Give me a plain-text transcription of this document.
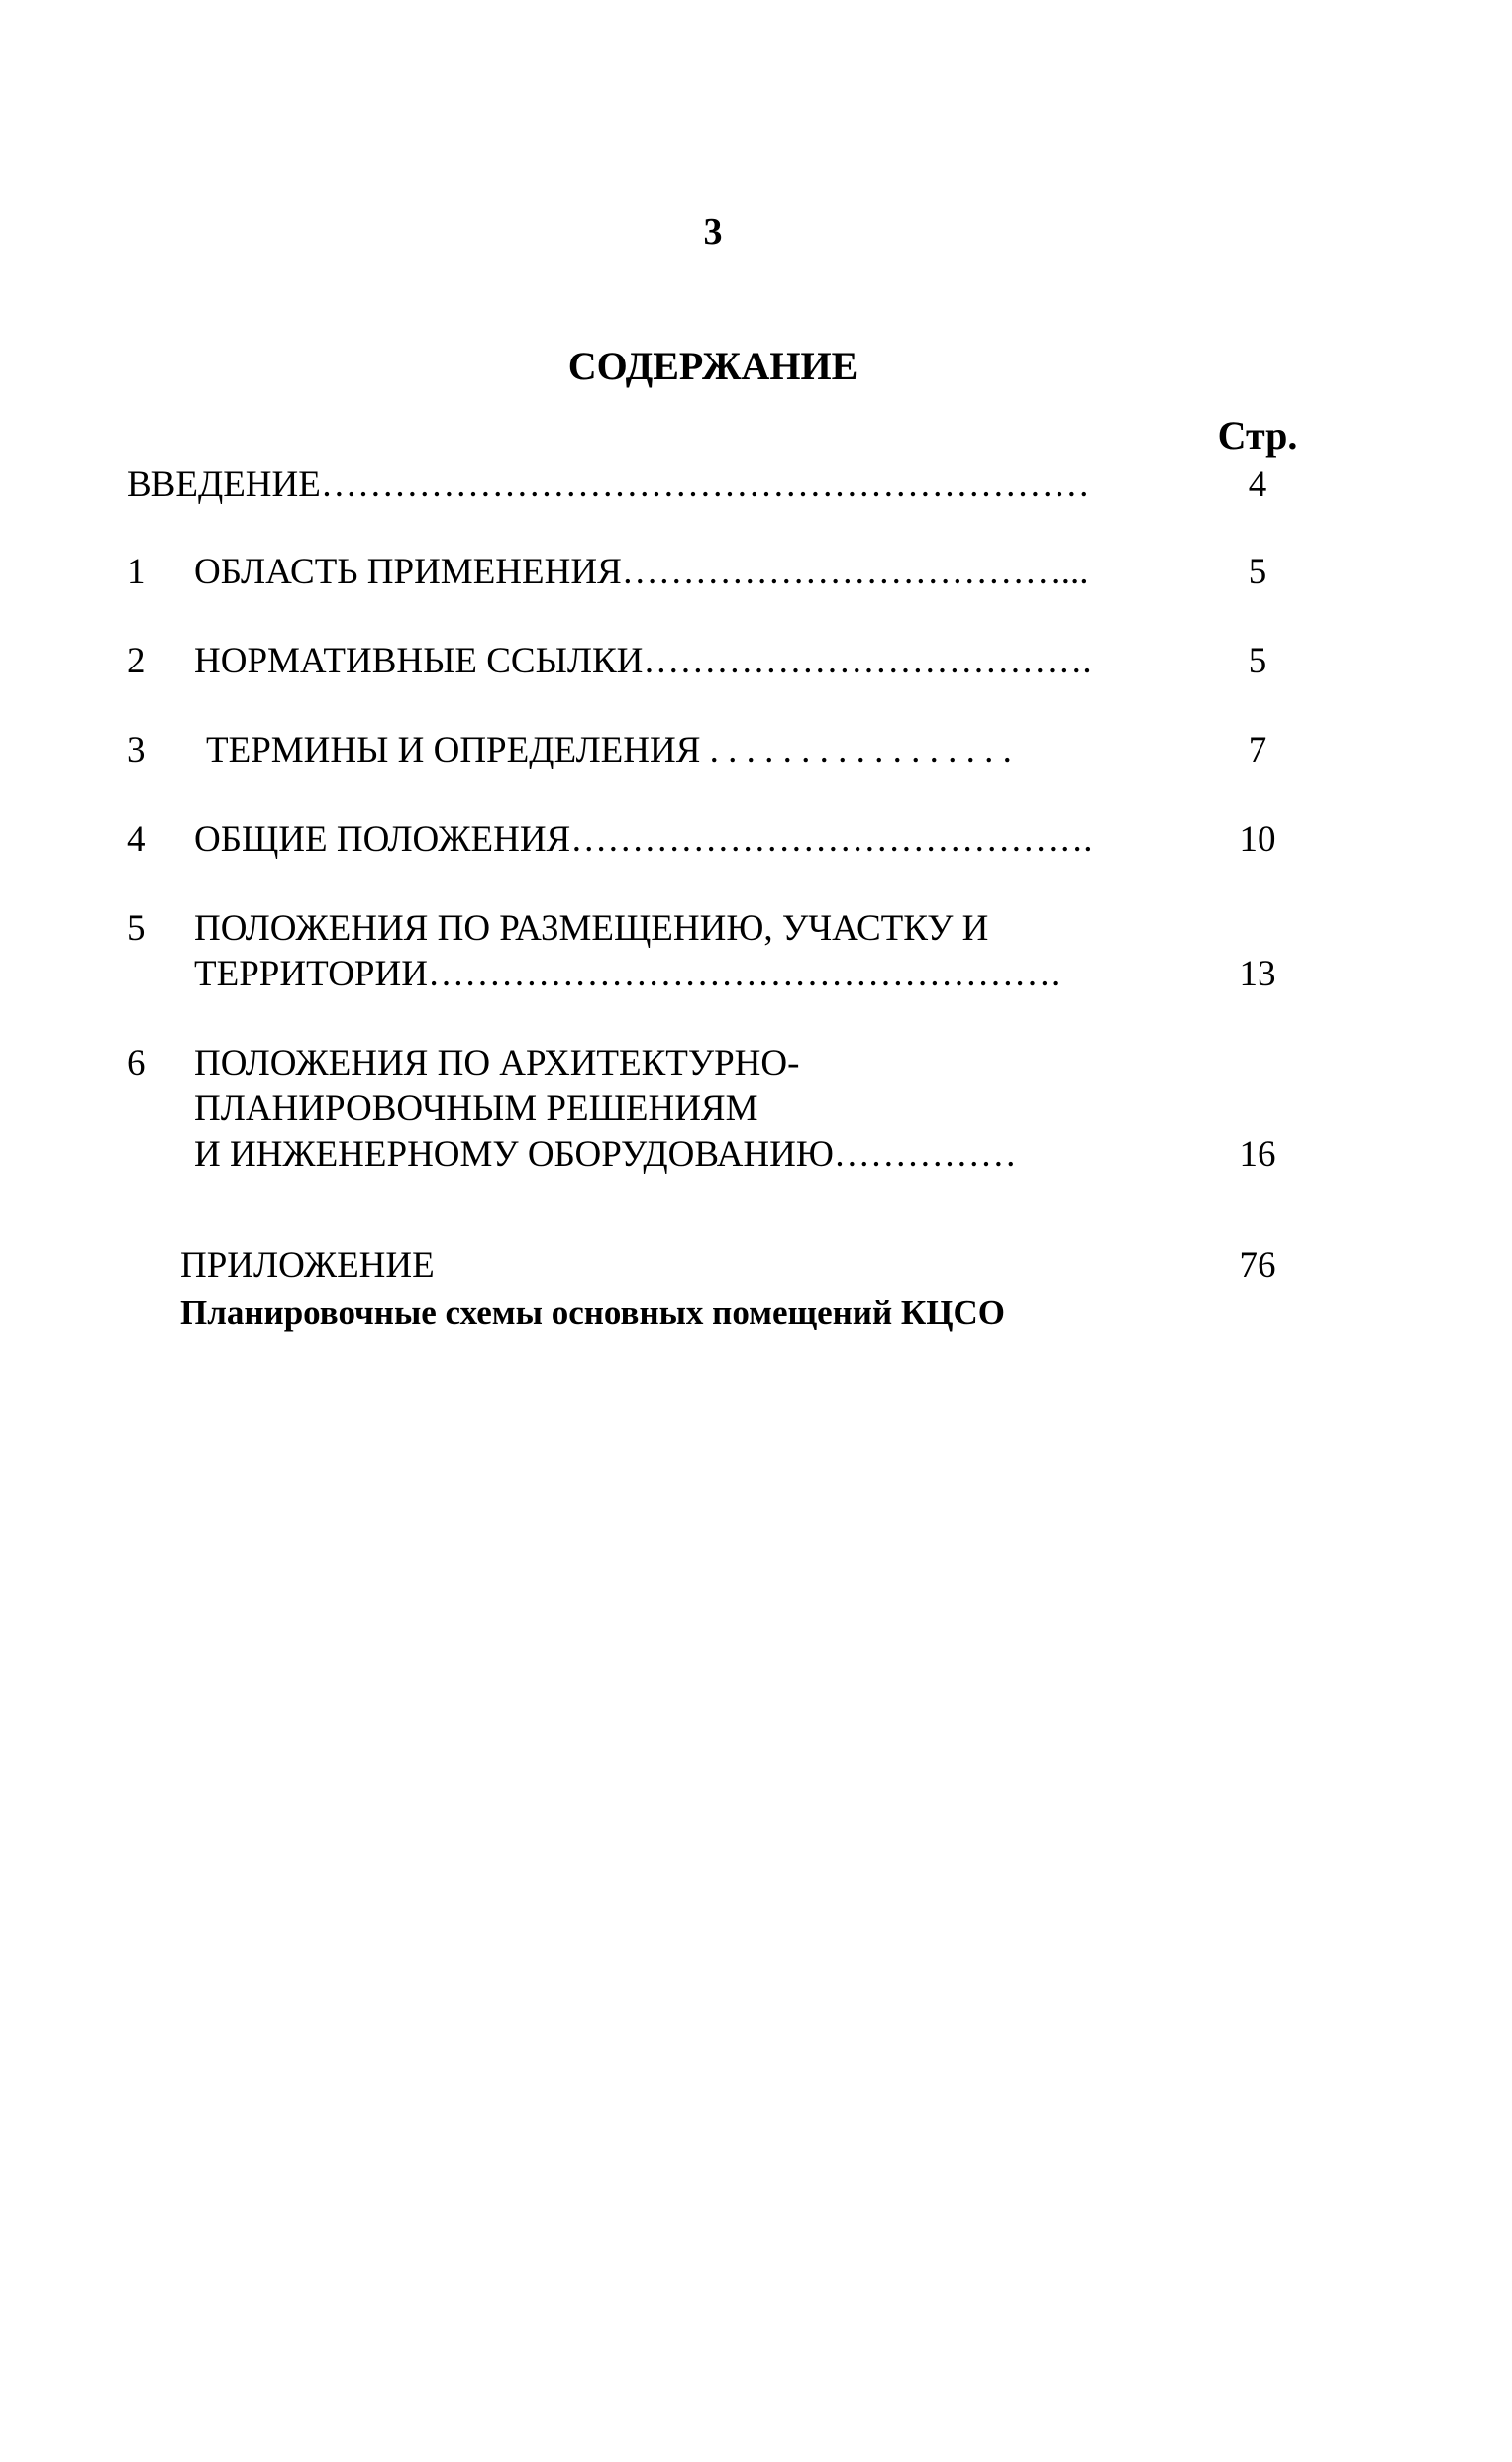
3
СОДЕРЖАНИЕ
Стр.
ВВЕДЕНИЕ………………………………………………………	4
1	ОБЛАСТЬ ПРИМЕНЕНИЯ………………………………...	5
2	НОРМАТИВНЫЕ ССЫЛКИ……………………………….	5
3	ТЕРМИНЫ И ОПРЕДЕЛЕНИЯ . . . . . . . . . . . . . . . . .	7
4	ОБЩИЕ ПОЛОЖЕНИЯ…………………………………….	10
5	ПОЛОЖЕНИЯ ПО РАЗМЕЩЕНИЮ, УЧАСТКУ И
ТЕРРИТОРИИ…………………………………………….	13
6	ПОЛОЖЕНИЯ ПО АРХИТЕКТУРНО-
ПЛАНИРОВОЧНЫМ РЕШЕНИЯМ
И ИНЖЕНЕРНОМУ ОБОРУДОВАНИЮ……………	16
ПРИЛОЖЕНИЕ	76
Планировочные схемы основных помещений КЦСО
